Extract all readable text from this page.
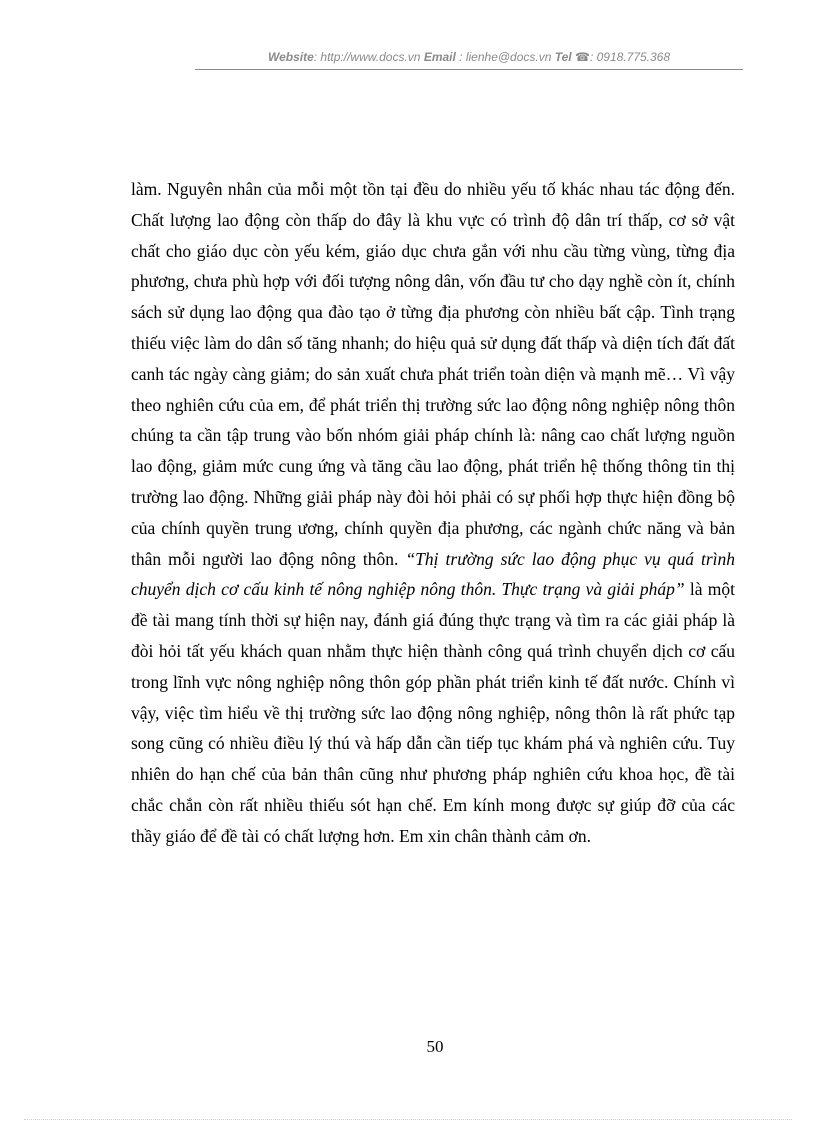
Website: http://www.docs.vn Email : lienhe@docs.vn Tel ☎: 0918.775.368

làm. Nguyên nhân của mỗi một tồn tại đều do nhiều yếu tố khác nhau tác động đến. Chất lượng lao động còn thấp do đây là khu vực có trình độ dân trí thấp, cơ sở vật chất cho giáo dục còn yếu kém, giáo dục chưa gắn với nhu cầu từng vùng, từng địa phương, chưa phù hợp với đối tượng nông dân, vốn đầu tư cho dạy nghề còn ít, chính sách sử dụng lao động qua đào tạo ở từng địa phương còn nhiều bất cập. Tình trạng thiếu việc làm do dân số tăng nhanh; do hiệu quả sử dụng đất thấp và diện tích đất đất canh tác ngày càng giảm; do sản xuất chưa phát triển toàn diện và mạnh mẽ… Vì vậy theo nghiên cứu của em, để phát triển thị trường sức lao động nông nghiệp nông thôn chúng ta cần tập trung vào bốn nhóm giải pháp chính là: nâng cao chất lượng nguồn lao động, giảm mức cung ứng và tăng cầu lao động, phát triển hệ thống thông tin thị trường lao động. Những giải pháp này đòi hỏi phải có sự phối hợp thực hiện đồng bộ của chính quyền trung ương, chính quyền địa phương, các ngành chức năng và bản thân mỗi người lao động nông thôn. “Thị trường sức lao động phục vụ quá trình chuyển dịch cơ cấu kinh tế nông nghiệp nông thôn. Thực trạng và giải pháp” là một đề tài mang tính thời sự hiện nay, đánh giá đúng thực trạng và tìm ra các giải pháp là đòi hỏi tất yếu khách quan nhằm thực hiện thành công quá trình chuyển dịch cơ cấu trong lĩnh vực nông nghiệp nông thôn góp phần phát triển kinh tế đất nước. Chính vì vậy, việc tìm hiểu về thị trường sức lao động nông nghiệp, nông thôn là rất phức tạp song cũng có nhiều điều lý thú và hấp dẫn cần tiếp tục khám phá và nghiên cứu. Tuy nhiên do hạn chế của bản thân cũng như phương pháp nghiên cứu khoa học, đề tài chắc chắn còn rất nhiều thiếu sót hạn chế. Em kính mong được sự giúp đỡ của các thầy giáo để đề tài có chất lượng hơn. Em xin chân thành cảm ơn.

50
